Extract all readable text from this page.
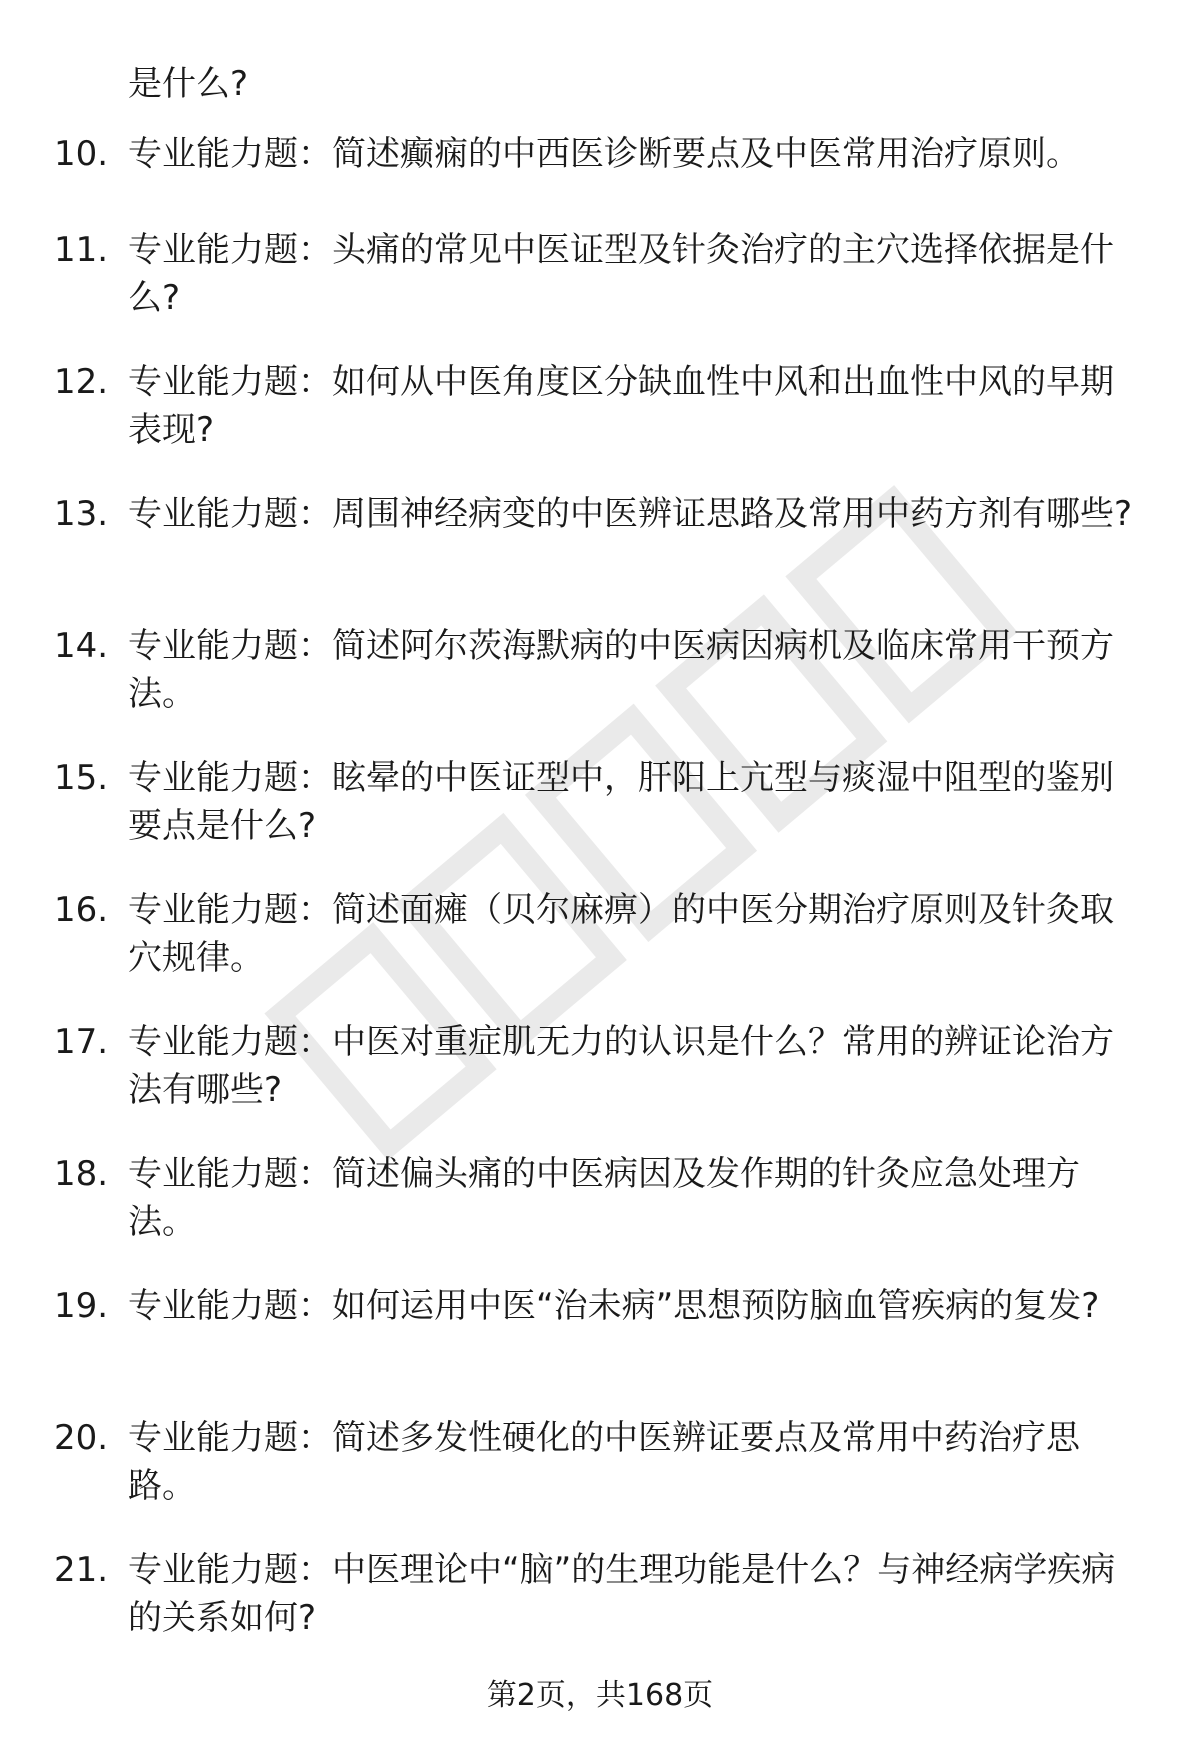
是什么?
10. 专业能力题：简述癫痫的中西医诊断要点及中医常用治疗原则。
11. 专业能力题：头痛的常见中医证型及针灸治疗的主穴选择依据是什么?
12. 专业能力题：如何从中医角度区分缺血性中风和出血性中风的早期表现?
13. 专业能力题：周围神经病变的中医辨证思路及常用中药方剂有哪些?
14. 专业能力题：简述阿尔茨海默病的中医病因病机及临床常用干预方法。
15. 专业能力题：眩晕的中医证型中，肝阳上亢型与痰湿中阻型的鉴别要点是什么?
16. 专业能力题：简述面瘫（贝尔麻痹）的中医分期治疗原则及针灸取穴规律。
17. 专业能力题：中医对重症肌无力的认识是什么？常用的辨证论治方法有哪些?
18. 专业能力题：简述偏头痛的中医病因及发作期的针灸应急处理方法。
19. 专业能力题：如何运用中医“治未病”思想预防脑血管疾病的复发?
20. 专业能力题：简述多发性硬化的中医辨证要点及常用中药治疗思路。
21. 专业能力题：中医理论中“脑”的生理功能是什么？与神经病学疾病的关系如何?
第2页，共168页
